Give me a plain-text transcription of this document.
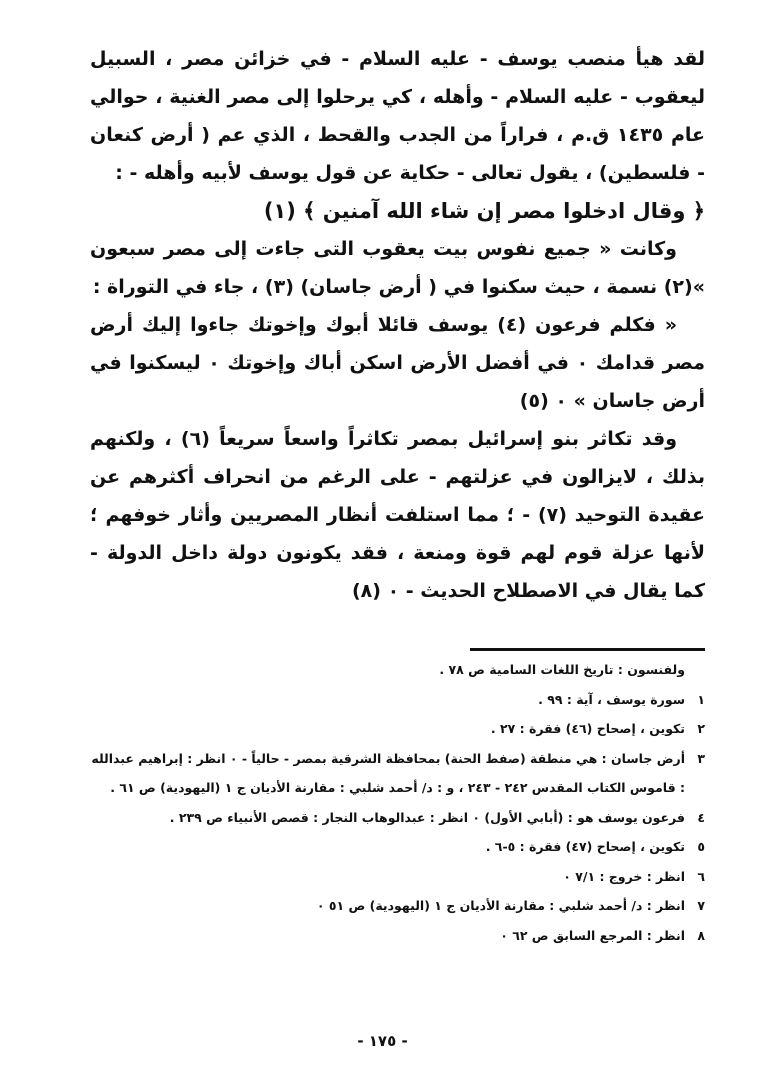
لقد هيأ منصب يوسف - عليه السلام - في خزائن مصر ، السبيل ليعقوب - عليه السلام - وأهله ، كي يرحلوا إلى مصر الغنية ، حوالي عام ١٤٣٥ ق.م ، فراراً من الجدب والقحط ، الذي عم ( أرض كنعان - فلسطين) ، يقول تعالى - حكاية عن قول يوسف لأبيه وأهله - :

﴿ وقال ادخلوا مصر إن شاء الله آمنين ﴾ (١)

وكانت « جميع نفوس بيت يعقوب التى جاءت إلى مصر سبعون »(٢) نسمة ، حيث سكنوا في ( أرض جاسان) (٣) ، جاء في التوراة :

« فكلم فرعون (٤) يوسف قائلا أبوك وإخوتك جاءوا إليك أرض مصر قدامك ٠ في أفضل الأرض اسكن أباك وإخوتك ٠ ليسكنوا في أرض جاسان » ٠ (٥)

وقد تكاثر بنو إسرائيل بمصر تكاثراً واسعاً سريعاً (٦) ، ولكنهم بذلك ، لايزالون في عزلتهم - على الرغم من انحراف أكثرهم عن عقيدة التوحيد (٧) - ؛ مما استلفت أنظار المصريين وأثار خوفهم ؛ لأنها عزلة قوم لهم قوة ومنعة ، فقد يكونون دولة داخل الدولة - كما يقال في الاصطلاح الحديث - ٠ (٨)

ولفنسون : تاريخ اللغات السامية ص ٧٨ .

١
سورة يوسف ، آية : ٩٩ .
٢
تكوين ، إصحاح (٤٦) فقرة : ٢٧ .
٣
أرض جاسان : هي منطقة (صفط الحنة) بمحافظة الشرقية بمصر - حالياً - ٠ انظر : إبراهيم عبدالله : قاموس الكتاب المقدس ٢٤٢ - ٢٤٣ ، و : د/ أحمد شلبي : مقارنة الأديان ج ١ (اليهودية) ص ٦١ .
٤
فرعون يوسف هو : (أبابي الأول) ٠ انظر : عبدالوهاب النجار : قصص الأنبياء ص ٢٣٩ .
٥
تكوين ، إصحاح (٤٧) فقرة : ٥-٦ .
٦
انظر : خروج : ٧/١ ٠
٧
انظر : د/ أحمد شلبي : مقارنة الأديان ج ١ (اليهودية) ص ٥١ ٠
٨
انظر : المرجع السابق ص ٦٢ ٠
- ١٧٥ -
